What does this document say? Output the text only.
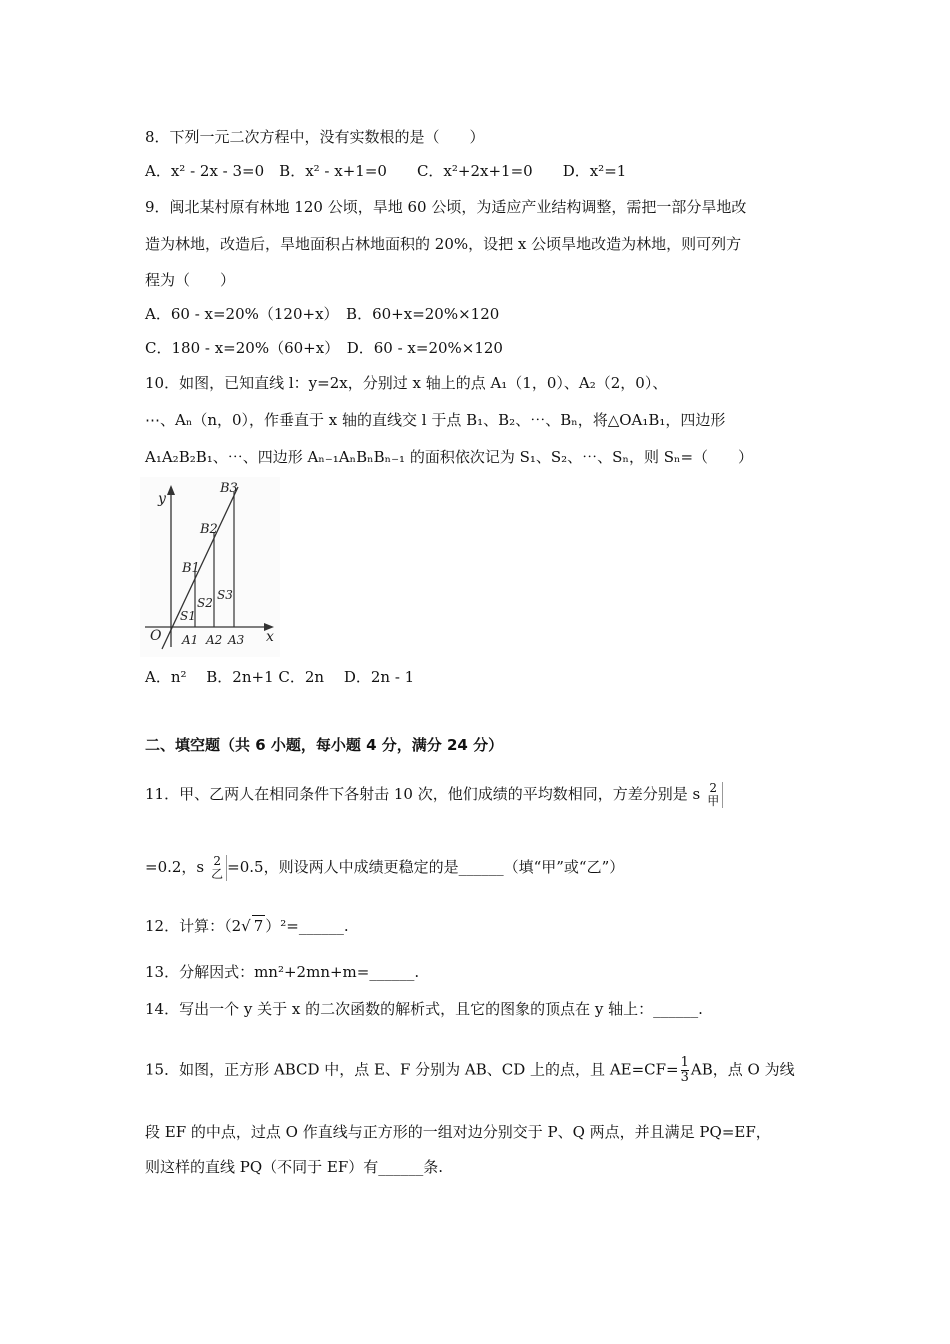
8．下列一元二次方程中，没有实数根的是（　　）
A．x² - 2x - 3=0　B．x² - x+1=0　　C．x²+2x+1=0　　D．x²=1
9．闽北某村原有林地 120 公顷，旱地 60 公顷，为适应产业结构调整，需把一部分旱地改
造为林地，改造后，旱地面积占林地面积的 20%，设把 x 公顷旱地改造为林地，则可列方
程为（　　）
A．60 - x=20%（120+x）　B．60+x=20%×120
C．180 - x=20%（60+x）　D．60 - x=20%×120
10．如图，已知直线 l：y=2x，分别过 x 轴上的点 A₁（1，0）、A₂（2，0）、
⋯、Aₙ（n，0），作垂直于 x 轴的直线交 l 于点 B₁、B₂、⋯、Bₙ，将△OA₁B₁，四边形
A₁A₂B₂B₁、⋯、四边形 Aₙ₋₁AₙBₙBₙ₋₁ 的面积依次记为 S₁、S₂、⋯、Sₙ，则 Sₙ=（　　）
y
x
O
B1
B2
B3
S1
S2
S3
A1 A2 A3
A．n²　 B．2n+1 C．2n　 D．2n - 1
二、填空题（共 6 小题，每小题 4 分，满分 24 分）
11．甲、乙两人在相同条件下各射击 10 次，他们成绩的平均数相同，方差分别是 s 2
甲
=0.2，s 2
乙 =0.5，则设两人中成绩更稳定的是______（填“甲”或“乙”）
12．计算：（2√ 7 ）²=______.
13．分解因式：mn²+2mn+m=______.
14．写出一个 y 关于 x 的二次函数的解析式，且它的图象的顶点在 y 轴上：______.
15．如图，正方形 ABCD 中，点 E、F 分别为 AB、CD 上的点，且 $AE=CF= \frac{1}{3}$ AB，点 O 为线
段 EF 的中点，过点 O 作直线与正方形的一组对边分别交于 P、Q 两点，并且满足 PQ=EF，
则这样的直线 PQ（不同于 EF）有______条.
